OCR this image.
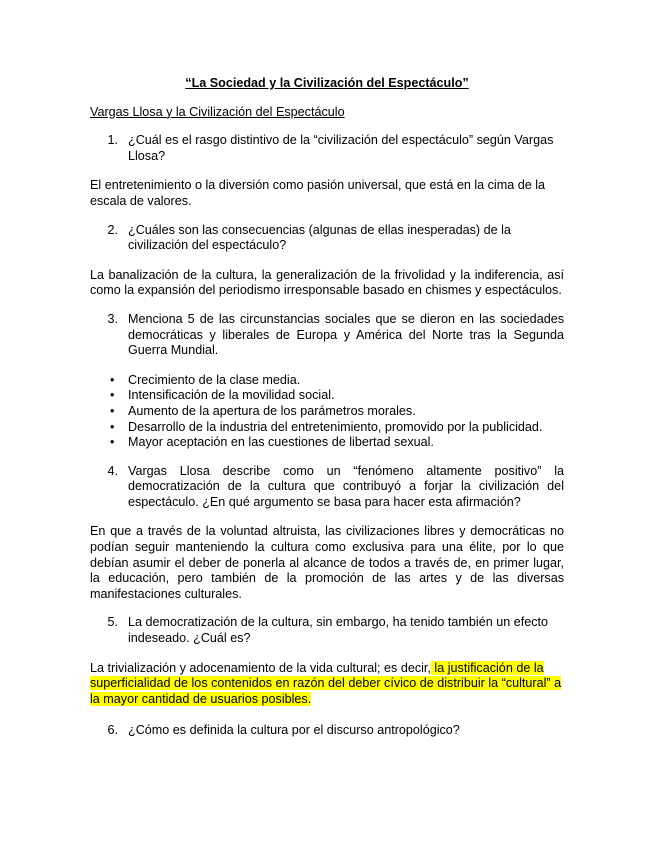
“La Sociedad y la Civilización del Espectáculo”

Vargas Llosa y la Civilización del Espectáculo

1. ¿Cuál es el rasgo distintivo de la “civilización del espectáculo” según Vargas Llosa?

El entretenimiento o la diversión como pasión universal, que está en la cima de la escala de valores.

2. ¿Cuáles son las consecuencias (algunas de ellas inesperadas) de la civilización del espectáculo?

La banalización de la cultura, la generalización de la frivolidad y la indiferencia, así como la expansión del periodismo irresponsable basado en chismes y espectáculos.

3. Menciona 5 de las circunstancias sociales que se dieron en las sociedades democráticas y liberales de Europa y América del Norte tras la Segunda Guerra Mundial.
•	Crecimiento de la clase media.
•	Intensificación de la movilidad social.
•	Aumento de la apertura de los parámetros morales.
•	Desarrollo de la industria del entretenimiento, promovido por la publicidad.
•	Mayor aceptación en las cuestiones de libertad sexual.
4. Vargas Llosa describe como un “fenómeno altamente positivo” la democratización de la cultura que contribuyó a forjar la civilización del espectáculo. ¿En qué argumento se basa para hacer esta afirmación?

En que a través de la voluntad altruista, las civilizaciones libres y democráticas no podían seguir manteniendo la cultura como exclusiva para una élite, por lo que debían asumir el deber de ponerla al alcance de todos a través de, en primer lugar, la educación, pero también de la promoción de las artes y de las diversas manifestaciones culturales.

5. La democratización de la cultura, sin embargo, ha tenido también un efecto indeseado. ¿Cuál es?

La trivialización y adocenamiento de la vida cultural; es decir, la justificación de la superficialidad de los contenidos en razón del deber cívico de distribuir la “cultural” a la mayor cantidad de usuarios posibles.

6. ¿Cómo es definida la cultura por el discurso antropológico?
